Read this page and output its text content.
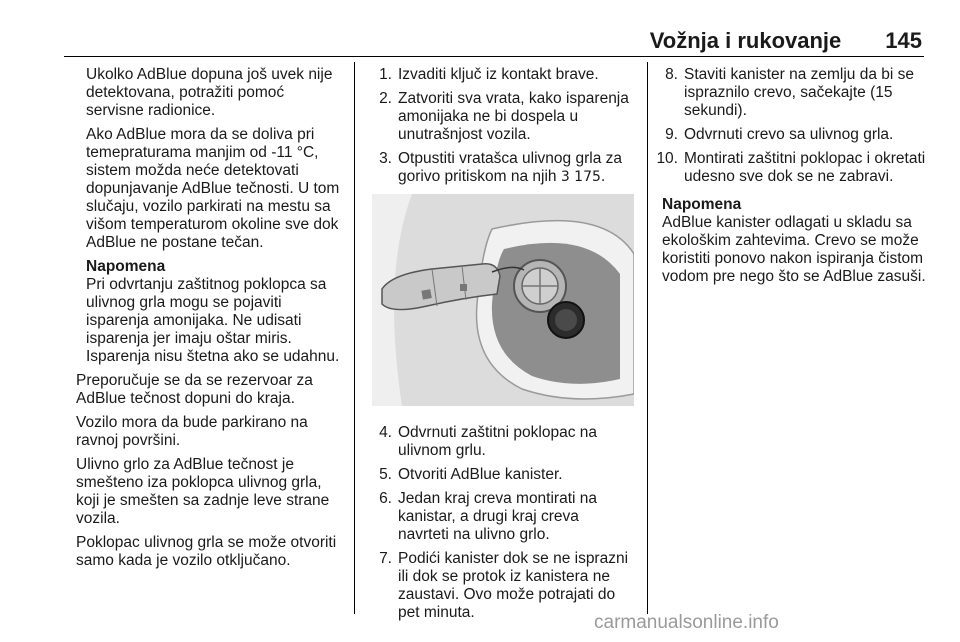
Vožnja i rukovanje 145

Ukolko AdBlue dopuna još uvek nije detektovana, potražiti pomoć servisne radionice.

Ako AdBlue mora da se doliva pri temepraturama manjim od -11 °C, sistem možda neće detektovati dopunjavanje AdBlue tečnosti. U tom slučaju, vozilo parkirati na mestu sa višom temperaturom okoline sve dok AdBlue ne postane tečan.

Napomena

Pri odvrtanju zaštitnog poklopca sa ulivnog grla mogu se pojaviti isparenja amonijaka. Ne udisati isparenja jer imaju oštar miris. Isparenja nisu štetna ako se udahnu.

Preporučuje se da se rezervoar za AdBlue tečnost dopuni do kraja.

Vozilo mora da bude parkirano na ravnoj površini.

Ulivno grlo za AdBlue tečnost je smešteno iza poklopca ulivnog grla, koji je smešten sa zadnje leve strane vozila.

Poklopac ulivnog grla se može otvoriti samo kada je vozilo otključano.

1. Izvaditi ključ iz kontakt brave.
2. Zatvoriti sva vrata, kako isparenja amonijaka ne bi dospela u unutrašnjost vozila.
3. Otpustiti vratašca ulivnog grla za gorivo pritiskom na njih 3 175.
4. Odvrnuti zaštitni poklopac na ulivnom grlu.
5. Otvoriti AdBlue kanister.
6. Jedan kraj creva montirati na kanistar, a drugi kraj creva navrteti na ulivno grlo.
7. Podići kanister dok se ne isprazni ili dok se protok iz kanistera ne zaustavi. Ovo može potrajati do pet minuta.
8. Staviti kanister na zemlju da bi se ispraznilo crevo, sačekajte (15 sekundi).
9. Odvrnuti crevo sa ulivnog grla.
10. Montirati zaštitni poklopac i okretati udesno sve dok se ne zabravi.

Napomena

AdBlue kanister odlagati u skladu sa ekološkim zahtevima. Crevo se može koristiti ponovo nakon ispiranja čistom vodom pre nego što se AdBlue zasuši.

carmanualsonline.info
